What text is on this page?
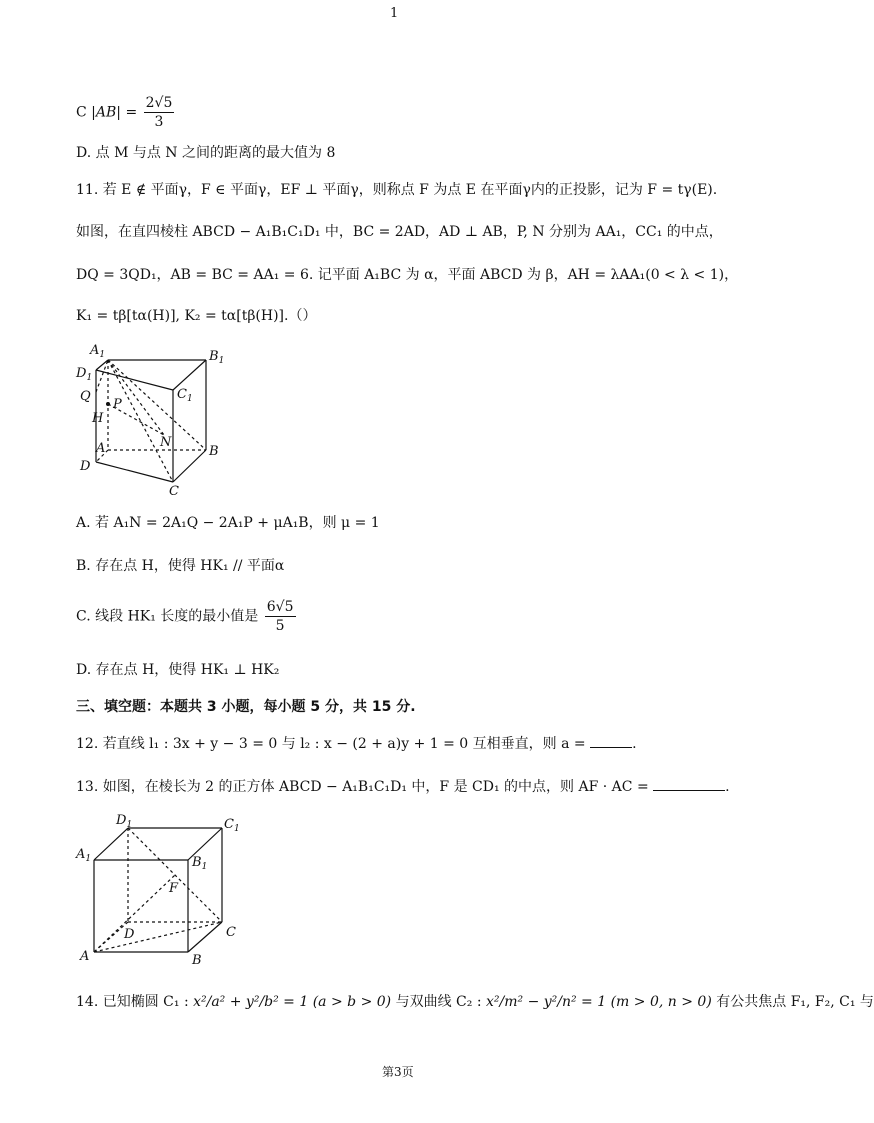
1
C $|AB| = \frac{2√5}{3}$
D. 点 M 与点 N 之间的距离的最大值为 8
11. 若 E ∉ 平面γ，F ∈ 平面γ，EF ⊥ 平面γ，则称点 F 为点 E 在平面γ内的正投影，记为 F = tγ(E).
如图，在直四棱柱 ABCD − A₁B₁C₁D₁ 中，BC = 2AD，AD ⊥ AB，P, N 分别为 AA₁，CC₁ 的中点，
DQ = 3QD₁，AB = BC = AA₁ = 6. 记平面 A₁BC 为 α，平面 ABCD 为 β，AH = λAA₁(0 < λ < 1)，
K₁ = tβ[tα(H)], K₂ = tα[tβ(H)].（）
$A_1$	$B_1$
$D_1$
$C_1$
Q
P
H
A	N
B
D
C
A. 若 A₁N = 2A₁Q − 2A₁P + μA₁B，则 μ = 1
B. 存在点 H，使得 HK₁ // 平面α
C. 线段 HK₁ 长度的最小值是 $\frac{6√5}{5}$
D. 存在点 H，使得 HK₁ ⊥ HK₂
三、填空题：本题共 3 小题，每小题 5 分，共 15 分.
12. 若直线 l₁ : 3x + y − 3 = 0 与 l₂ : x − (2 + a)y + 1 = 0 互相垂直，则 a =	.
13. 如图，在棱长为 2 的正方体 ABCD − A₁B₁C₁D₁ 中，F 是 CD₁ 的中点，则 AF · AC =	.
$D_1$	$C_1$
$A_1$	$B_1$
F
D	C
A	B
14. 已知椭圆 C₁ : x²/a² + y²/b² = 1 (a > b > 0) 与双曲线 C₂ : x²/m² − y²/n² = 1 (m > 0, n > 0) 有公共焦点 F₁, F₂, C₁ 与
第3页
